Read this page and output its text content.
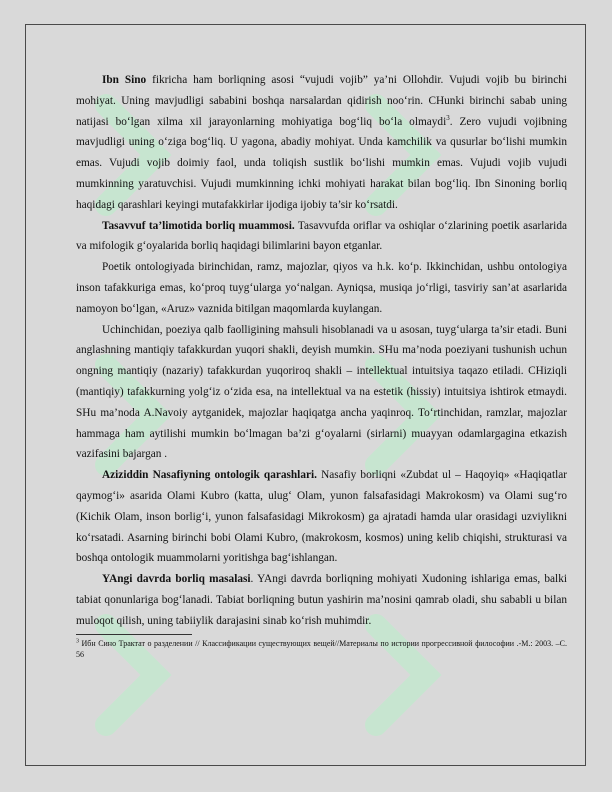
Ibn Sino fikricha ham borliqning asosi “vujudi vojib” ya’ni Ollohdir. Vujudi vojib bu birinchi mohiyat. Uning mavjudligi sababini boshqa narsalardan qidirish noo‘rin. CHunki birinchi sabab uning natijasi bo‘lgan xilma xil jarayonlarning mohiyatiga bog‘liq bo‘la olmaydi$^3$. Zero vujudi vojibning mavjudligi uning o‘ziga bog‘liq. U yagona, abadiy mohiyat. Unda kamchilik va qusurlar bo‘lishi mumkin emas. Vujudi vojib doimiy faol, unda toliqish sustlik bo‘lishi mumkin emas. Vujudi vojib vujudi mumkinning yaratuvchisi. Vujudi mumkinning ichki mohiyati harakat bilan bog‘liq. Ibn Sinoning borliq haqidagi qarashlari keyingi mutafakkirlar ijodiga ijobiy ta’sir ko‘rsatdi.

Tasavvuf ta’limotida borliq muammosi. Tasavvufda oriflar va oshiqlar o‘zlarining poetik asarlarida va mifologik g‘oyalarida borliq haqidagi bilimlarini bayon etganlar.

Poetik ontologiyada birinchidan, ramz, majozlar, qiyos va h.k. ko‘p. Ikkinchidan, ushbu ontologiya inson tafakkuriga emas, ko‘proq tuyg‘ularga yo‘nalgan. Ayniqsa, musiqa jo‘rligi, tasviriy san’at asarlarida namoyon bo‘lgan, «Aruz» vaznida bitilgan maqomlarda kuylangan.

Uchinchidan, poeziya qalb faolligining mahsuli hisoblanadi va u asosan, tuyg‘ularga ta’sir etadi. Buni anglashning mantiqiy tafakkurdan yuqori shakli, deyish mumkin. SHu ma’noda poeziyani tushunish uchun ongning mantiqiy (nazariy) tafakkurdan yuqoriroq shakli – intellektual intuitsiya taqazo etiladi. CHiziqli (mantiqiy) tafakkurning yolg‘iz o‘zida esa, na intellektual va na estetik (hissiy) intuitsiya ishtirok etmaydi. SHu ma’noda A.Navoiy aytganidek, majozlar haqiqatga ancha yaqinroq. To‘rtinchidan, ramzlar, majozlar hammaga ham aytilishi mumkin bo‘lmagan ba’zi g‘oyalarni (sirlarni) muayyan odamlargagina etkazish vazifasini bajargan .

Aziziddin Nasafiyning ontologik qarashlari. Nasafiy borliqni «Zubdat ul – Haqoyiq» «Haqiqatlar qaymog‘i» asarida Olami Kubro (katta, ulug‘ Olam, yunon falsafasidagi Makrokosm) va Olami sug‘ro (Kichik Olam, inson borlig‘i, yunon falsafasidagi Mikrokosm) ga ajratadi hamda ular orasidagi uzviylikni ko‘rsatadi. Asarning birinchi bobi Olami Kubro, (makrokosm, kosmos) uning kelib chiqishi, strukturasi va boshqa ontologik muammolarni yoritishga bag‘ishlangan.

YAngi davrda borliq masalasi. YAngi davrda borliqning mohiyati Xudoning ishlariga emas, balki tabiat qonunlariga bog‘lanadi. Tabiat borliqning butun yashirin ma’nosini qamrab oladi, shu sababli u bilan muloqot qilish, uning tabiiylik darajasini sinab ko‘rish muhimdir.

$^3$ Ибн Сино Трактат о разделении // Классификации существующих вещей//Материалы по истории прогрессивной философии .-М.: 2003. –С. 56
